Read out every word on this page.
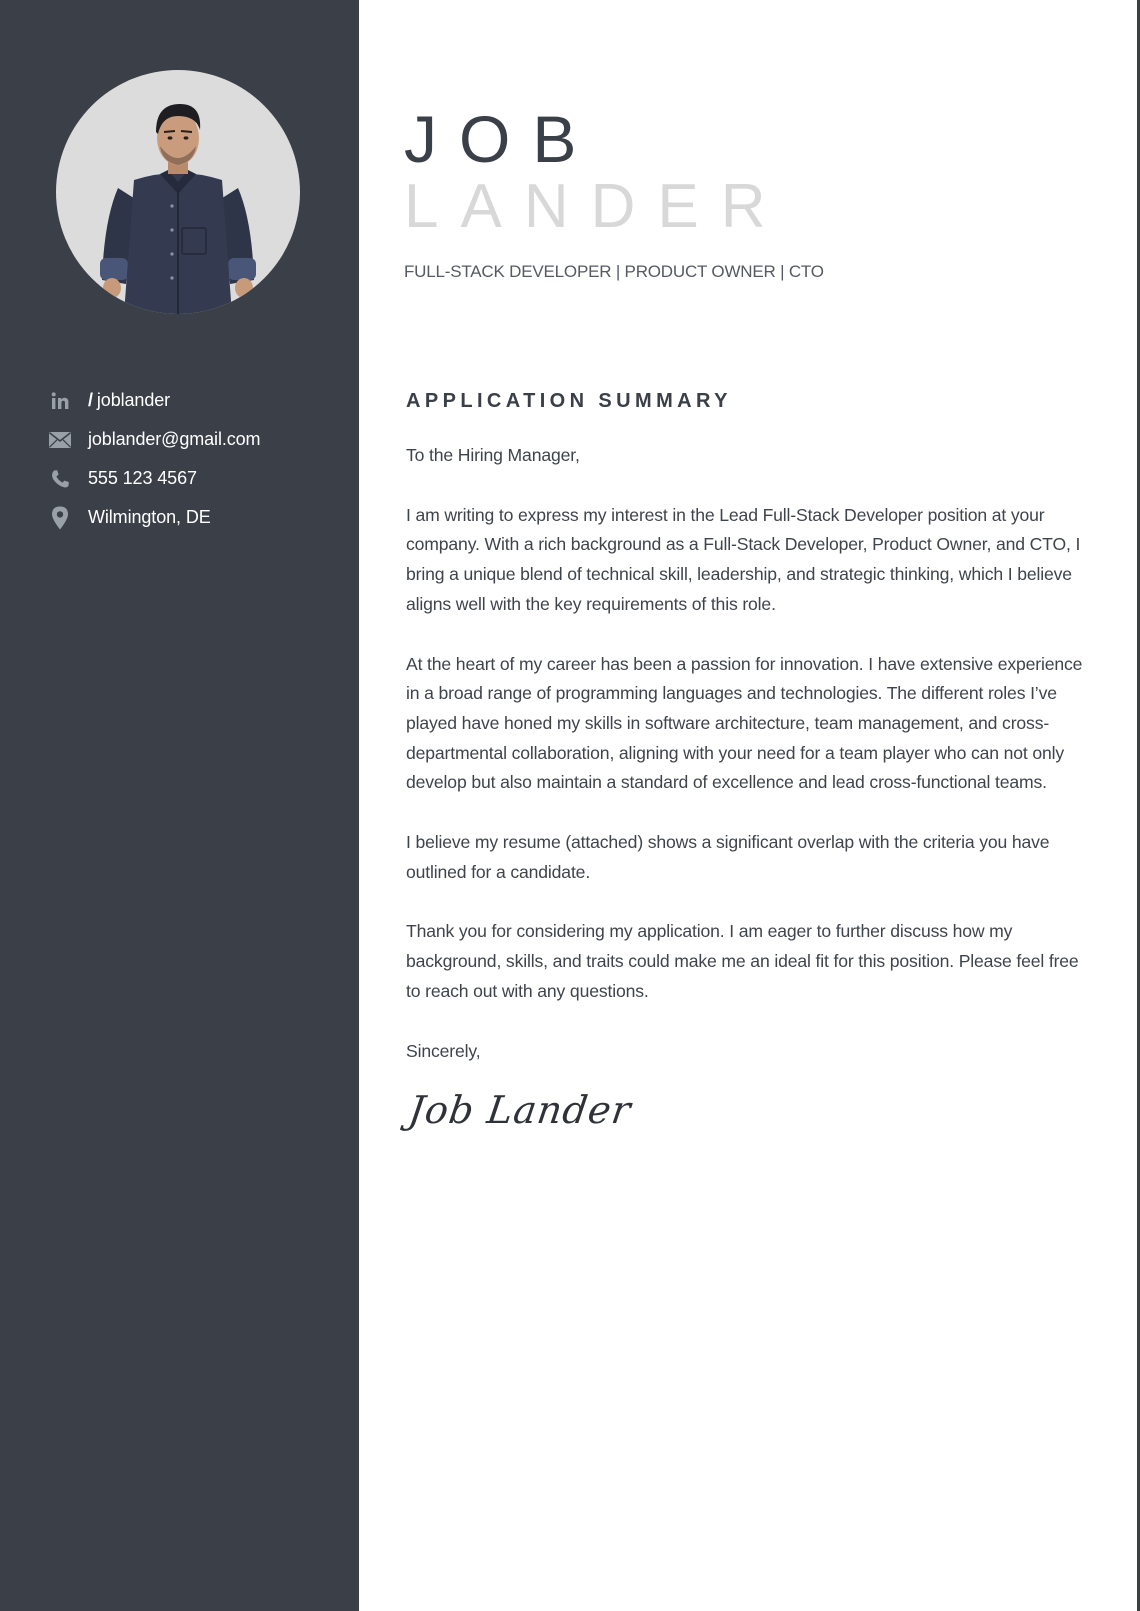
/ joblander
joblander@gmail.com
555 123 4567
Wilmington, DE
JOB
LANDER
FULL-STACK DEVELOPER | PRODUCT OWNER | CTO
APPLICATION SUMMARY

To the Hiring Manager,

I am writing to express my interest in the Lead Full-Stack Developer position at your company. With a rich background as a Full-Stack Developer, Product Owner, and CTO, I bring a unique blend of technical skill, leadership, and strategic thinking, which I believe aligns well with the key requirements of this role.

At the heart of my career has been a passion for innovation. I have extensive experience in a broad range of programming languages and technologies. The different roles I’ve played have honed my skills in software architecture, team management, and cross-departmental collaboration, aligning with your need for a team player who can not only develop but also maintain a standard of excellence and lead cross-functional teams.

I believe my resume (attached) shows a significant overlap with the criteria you have outlined for a candidate.

Thank you for considering my application. I am eager to further discuss how my background, skills, and traits could make me an ideal fit for this position. Please feel free to reach out with any questions.

Sincerely,

Job Lander
